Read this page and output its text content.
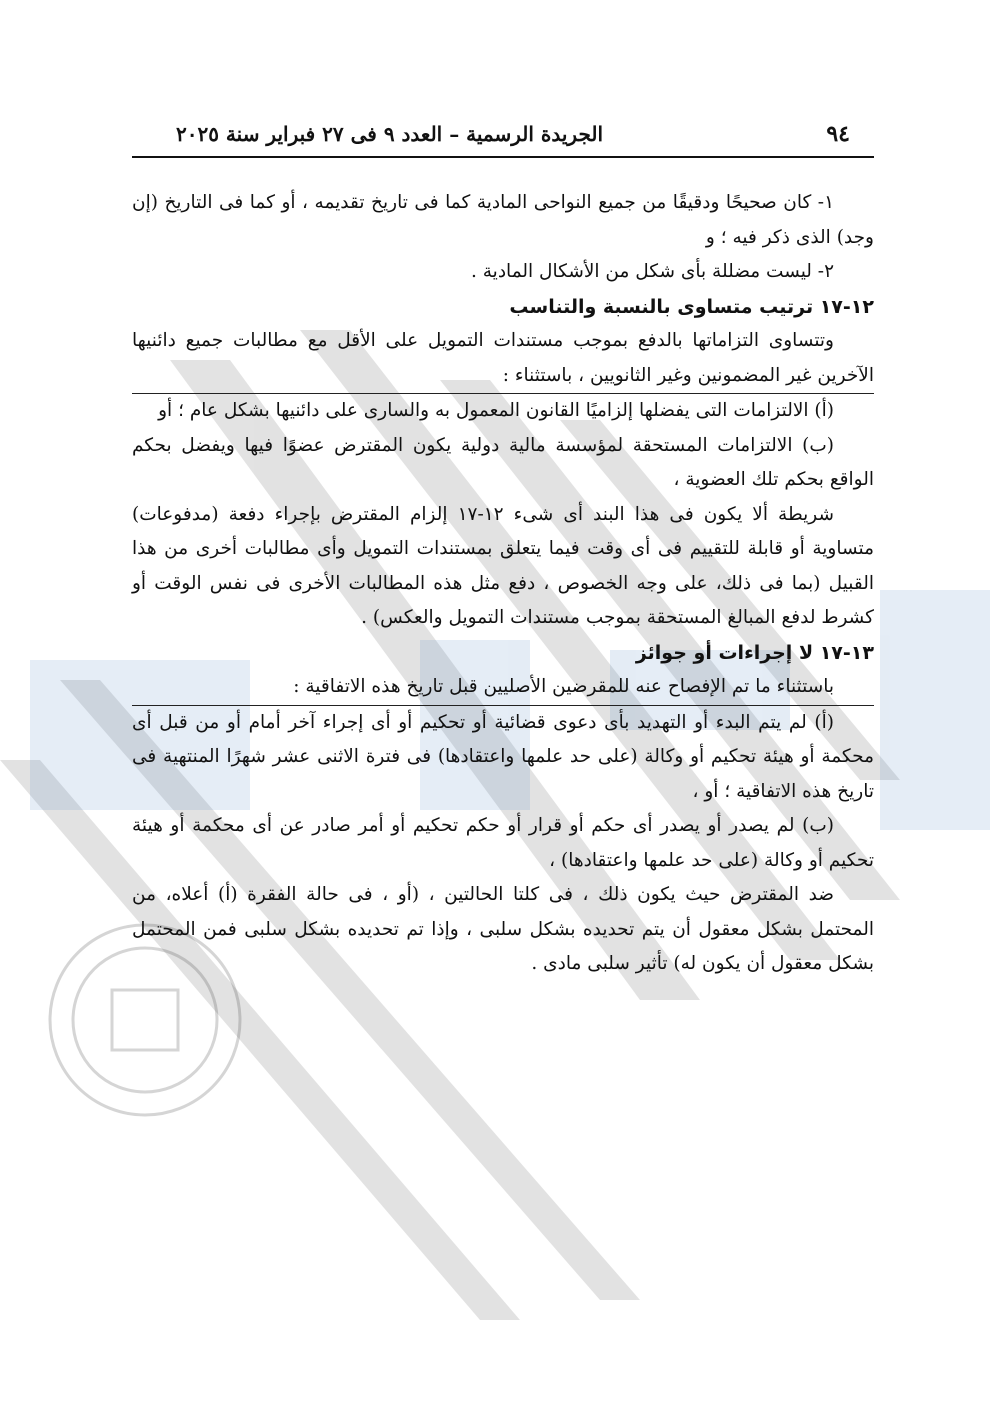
٩٤
الجريدة الرسمية – العدد ٩ فى ٢٧ فبراير سنة ٢٠٢٥

١- كان صحيحًا ودقيقًا من جميع النواحى المادية كما فى تاريخ تقديمه ، أو كما فى التاريخ (إن وجد) الذى ذكر فيه ؛ و

٢- ليست مضللة بأى شكل من الأشكال المادية .

١٢-١٧ ترتيب متساوى بالنسبة والتناسب

وتتساوى التزاماتها بالدفع بموجب مستندات التمويل على الأقل مع مطالبات جميع دائنيها الآخرين غير المضمونين وغير الثانويين ، باستثناء :

(أ) الالتزامات التى يفضلها إلزاميًا القانون المعمول به والسارى على دائنيها بشكل عام ؛ أو

(ب) الالتزامات المستحقة لمؤسسة مالية دولية يكون المقترض عضوًا فيها ويفضل بحكم الواقع بحكم تلك العضوية ،

شريطة ألا يكون فى هذا البند أى شىء ١٢-١٧ إلزام المقترض بإجراء دفعة (مدفوعات) متساوية أو قابلة للتقييم فى أى وقت فيما يتعلق بمستندات التمويل وأى مطالبات أخرى من هذا القبيل (بما فى ذلك، على وجه الخصوص ، دفع مثل هذه المطالبات الأخرى فى نفس الوقت أو كشرط لدفع المبالغ المستحقة بموجب مستندات التمويل والعكس) .

١٣-١٧ لا إجراءات أو جوائز

باستثناء ما تم الإفصاح عنه للمقرضين الأصليين قبل تاريخ هذه الاتفاقية :

(أ) لم يتم البدء أو التهديد بأى دعوى قضائية أو تحكيم أو أى إجراء آخر أمام أو من قبل أى محكمة أو هيئة تحكيم أو وكالة (على حد علمها واعتقادها) فى فترة الاثنى عشر شهرًا المنتهية فى تاريخ هذه الاتفاقية ؛ أو ،

(ب) لم يصدر أو يصدر أى حكم أو قرار أو حكم تحكيم أو أمر صادر عن أى محكمة أو هيئة تحكيم أو وكالة (على حد علمها واعتقادها) ،

ضد المقترض حيث يكون ذلك ، فى كلتا الحالتين ، (أو ، فى حالة الفقرة (أ) أعلاه، من المحتمل بشكل معقول أن يتم تحديده بشكل سلبى ، وإذا تم تحديده بشكل سلبى فمن المحتمل بشكل معقول أن يكون له) تأثير سلبى مادى .
